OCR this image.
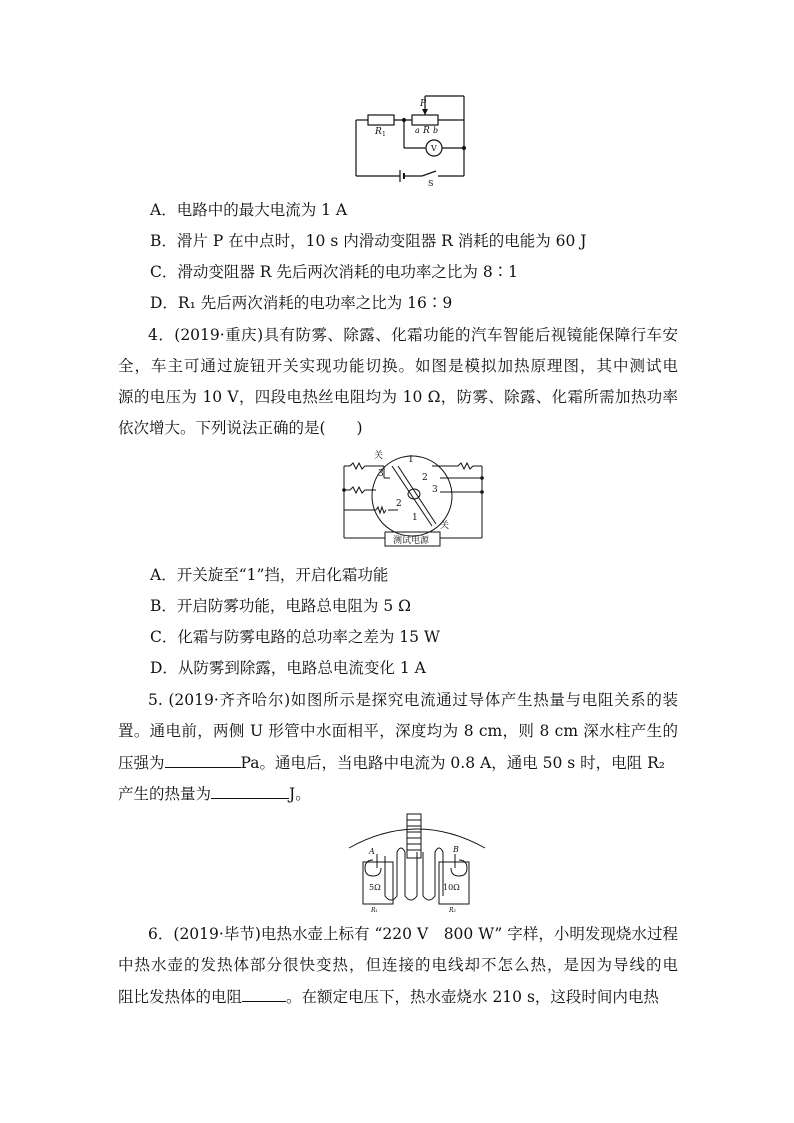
R 1
P
a R b
V
S
A．电路中的最大电流为 1 A
B．滑片 P 在中点时，10 s 内滑动变阻器 R 消耗的电能为 60 J
C．滑动变阻器 R 先后两次消耗的电功率之比为 8∶1
D．R₁ 先后两次消耗的电功率之比为 16∶9
4．(2019·重庆)具有防雾、除露、化霜功能的汽车智能后视镜能保障行车安
全，车主可通过旋钮开关实现功能切换。如图是模拟加热原理图，其中测试电
源的电压为 10 V，四段电热丝电阻均为 10 Ω，防雾、除露、化霜所需加热功率
依次增大。下列说法正确的是(　　)
关	1
2
3
3
2
1
关
测试电源
A．开关旋至“1”挡，开启化霜功能
B．开启防雾功能，电路总电阻为 5 Ω
C．化霜与防雾电路的总功率之差为 15 W
D．从防雾到除露，电路总电流变化 1 A
5. (2019·齐齐哈尔)如图所示是探究电流通过导体产生热量与电阻关系的装
置。通电前，两侧 U 形管中水面相平，深度均为 8 cm，则 8 cm 深水柱产生的
压强为	Pa。通电后，当电路中电流为 0.8 A，通电 50 s 时，电阻 R₂
产生的热量为	J。
A	B
5Ω	10Ω
R₁	R₂
6．(2019·毕节)电热水壶上标有 “220 V　800 W” 字样，小明发现烧水过程
中热水壶的发热体部分很快变热，但连接的电线却不怎么热，是因为导线的电
阻比发热体的电阻	。在额定电压下，热水壶烧水 210 s，这段时间内电热
